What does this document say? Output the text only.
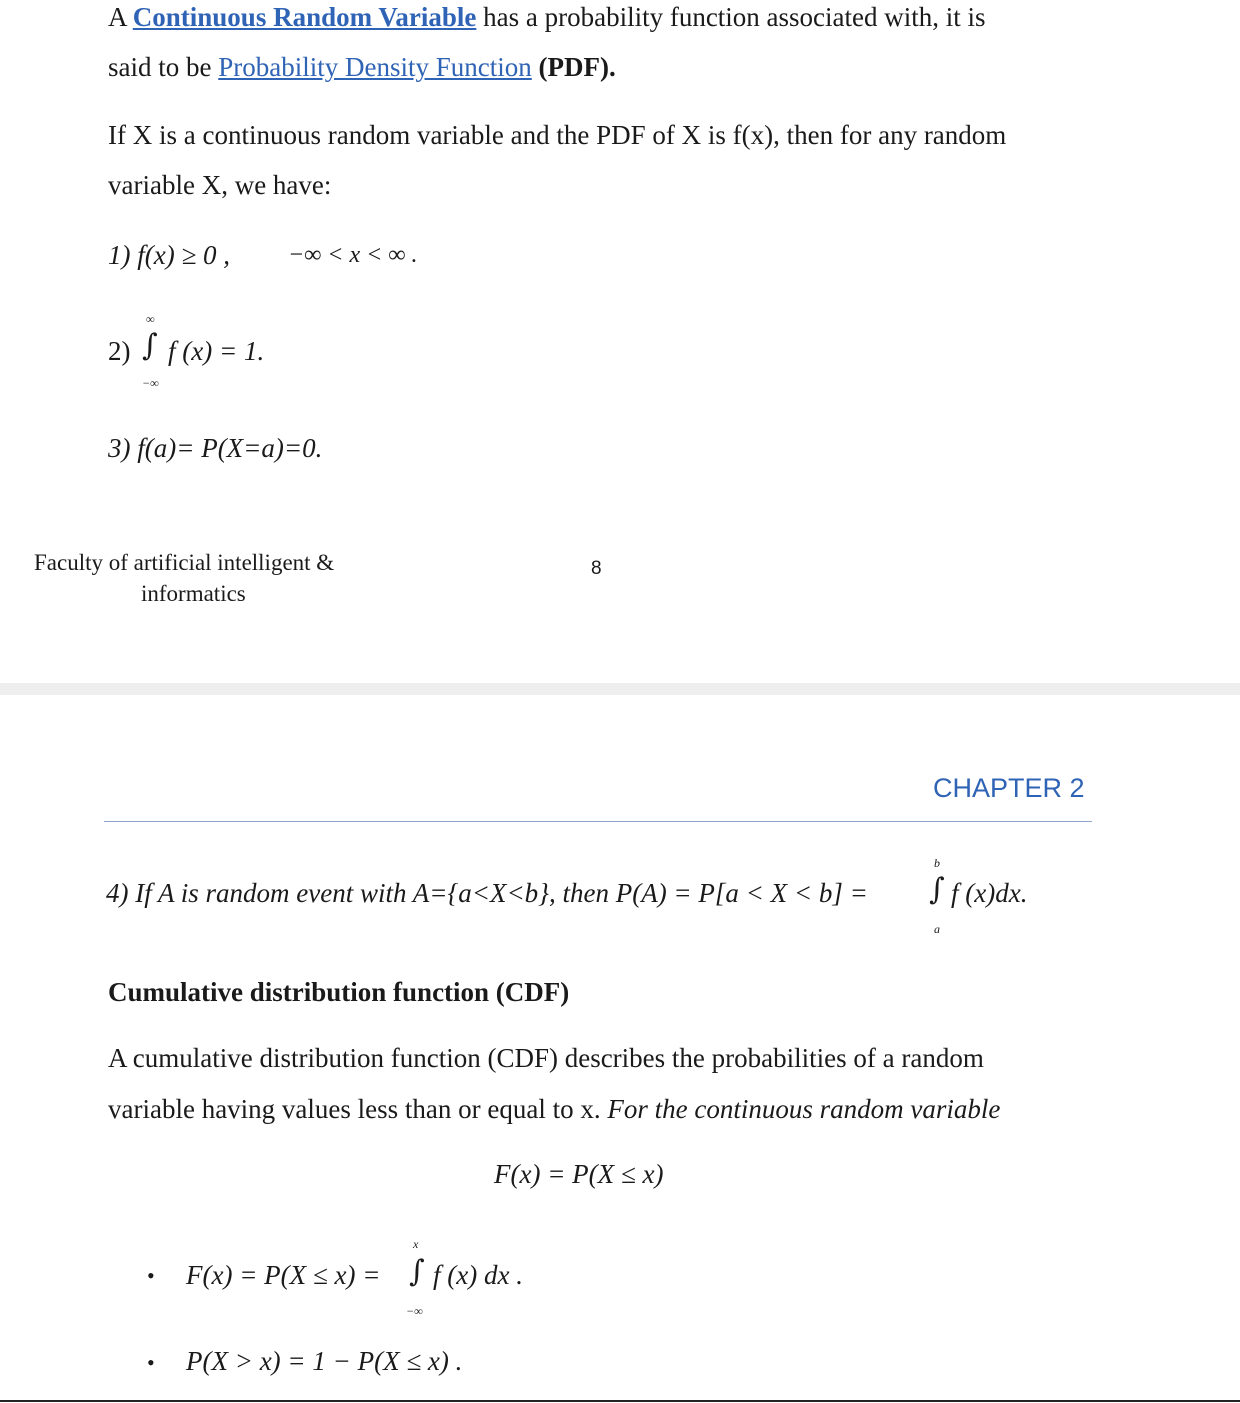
A Continuous Random Variable has a probability function associated with, it is
said to be Probability Density Function (PDF).
If X is a continuous random variable and the PDF of X is f(x), then for any random
variable X, we have:
1) f(x) ≥ 0 , −∞ < x < ∞ .
2)
∞
∫
−∞
f (x) = 1.
3) f(a)= P(X=a)=0.
Faculty of artificial intelligent &
informatics
8
CHAPTER 2
4) If A is random event with A={a<X<b}, then P(A) = P[a < X < b] =
b
∫
a
f (x)dx.
Cumulative distribution function (CDF)
A cumulative distribution function (CDF) describes the probabilities of a random
variable having values less than or equal to x. For the continuous random variable
F(x) = P(X ≤ x)
• F(x) = P(X ≤ x) =
x
∫
−∞
f (x) dx .
• P(X > x) = 1 − P(X ≤ x) .
